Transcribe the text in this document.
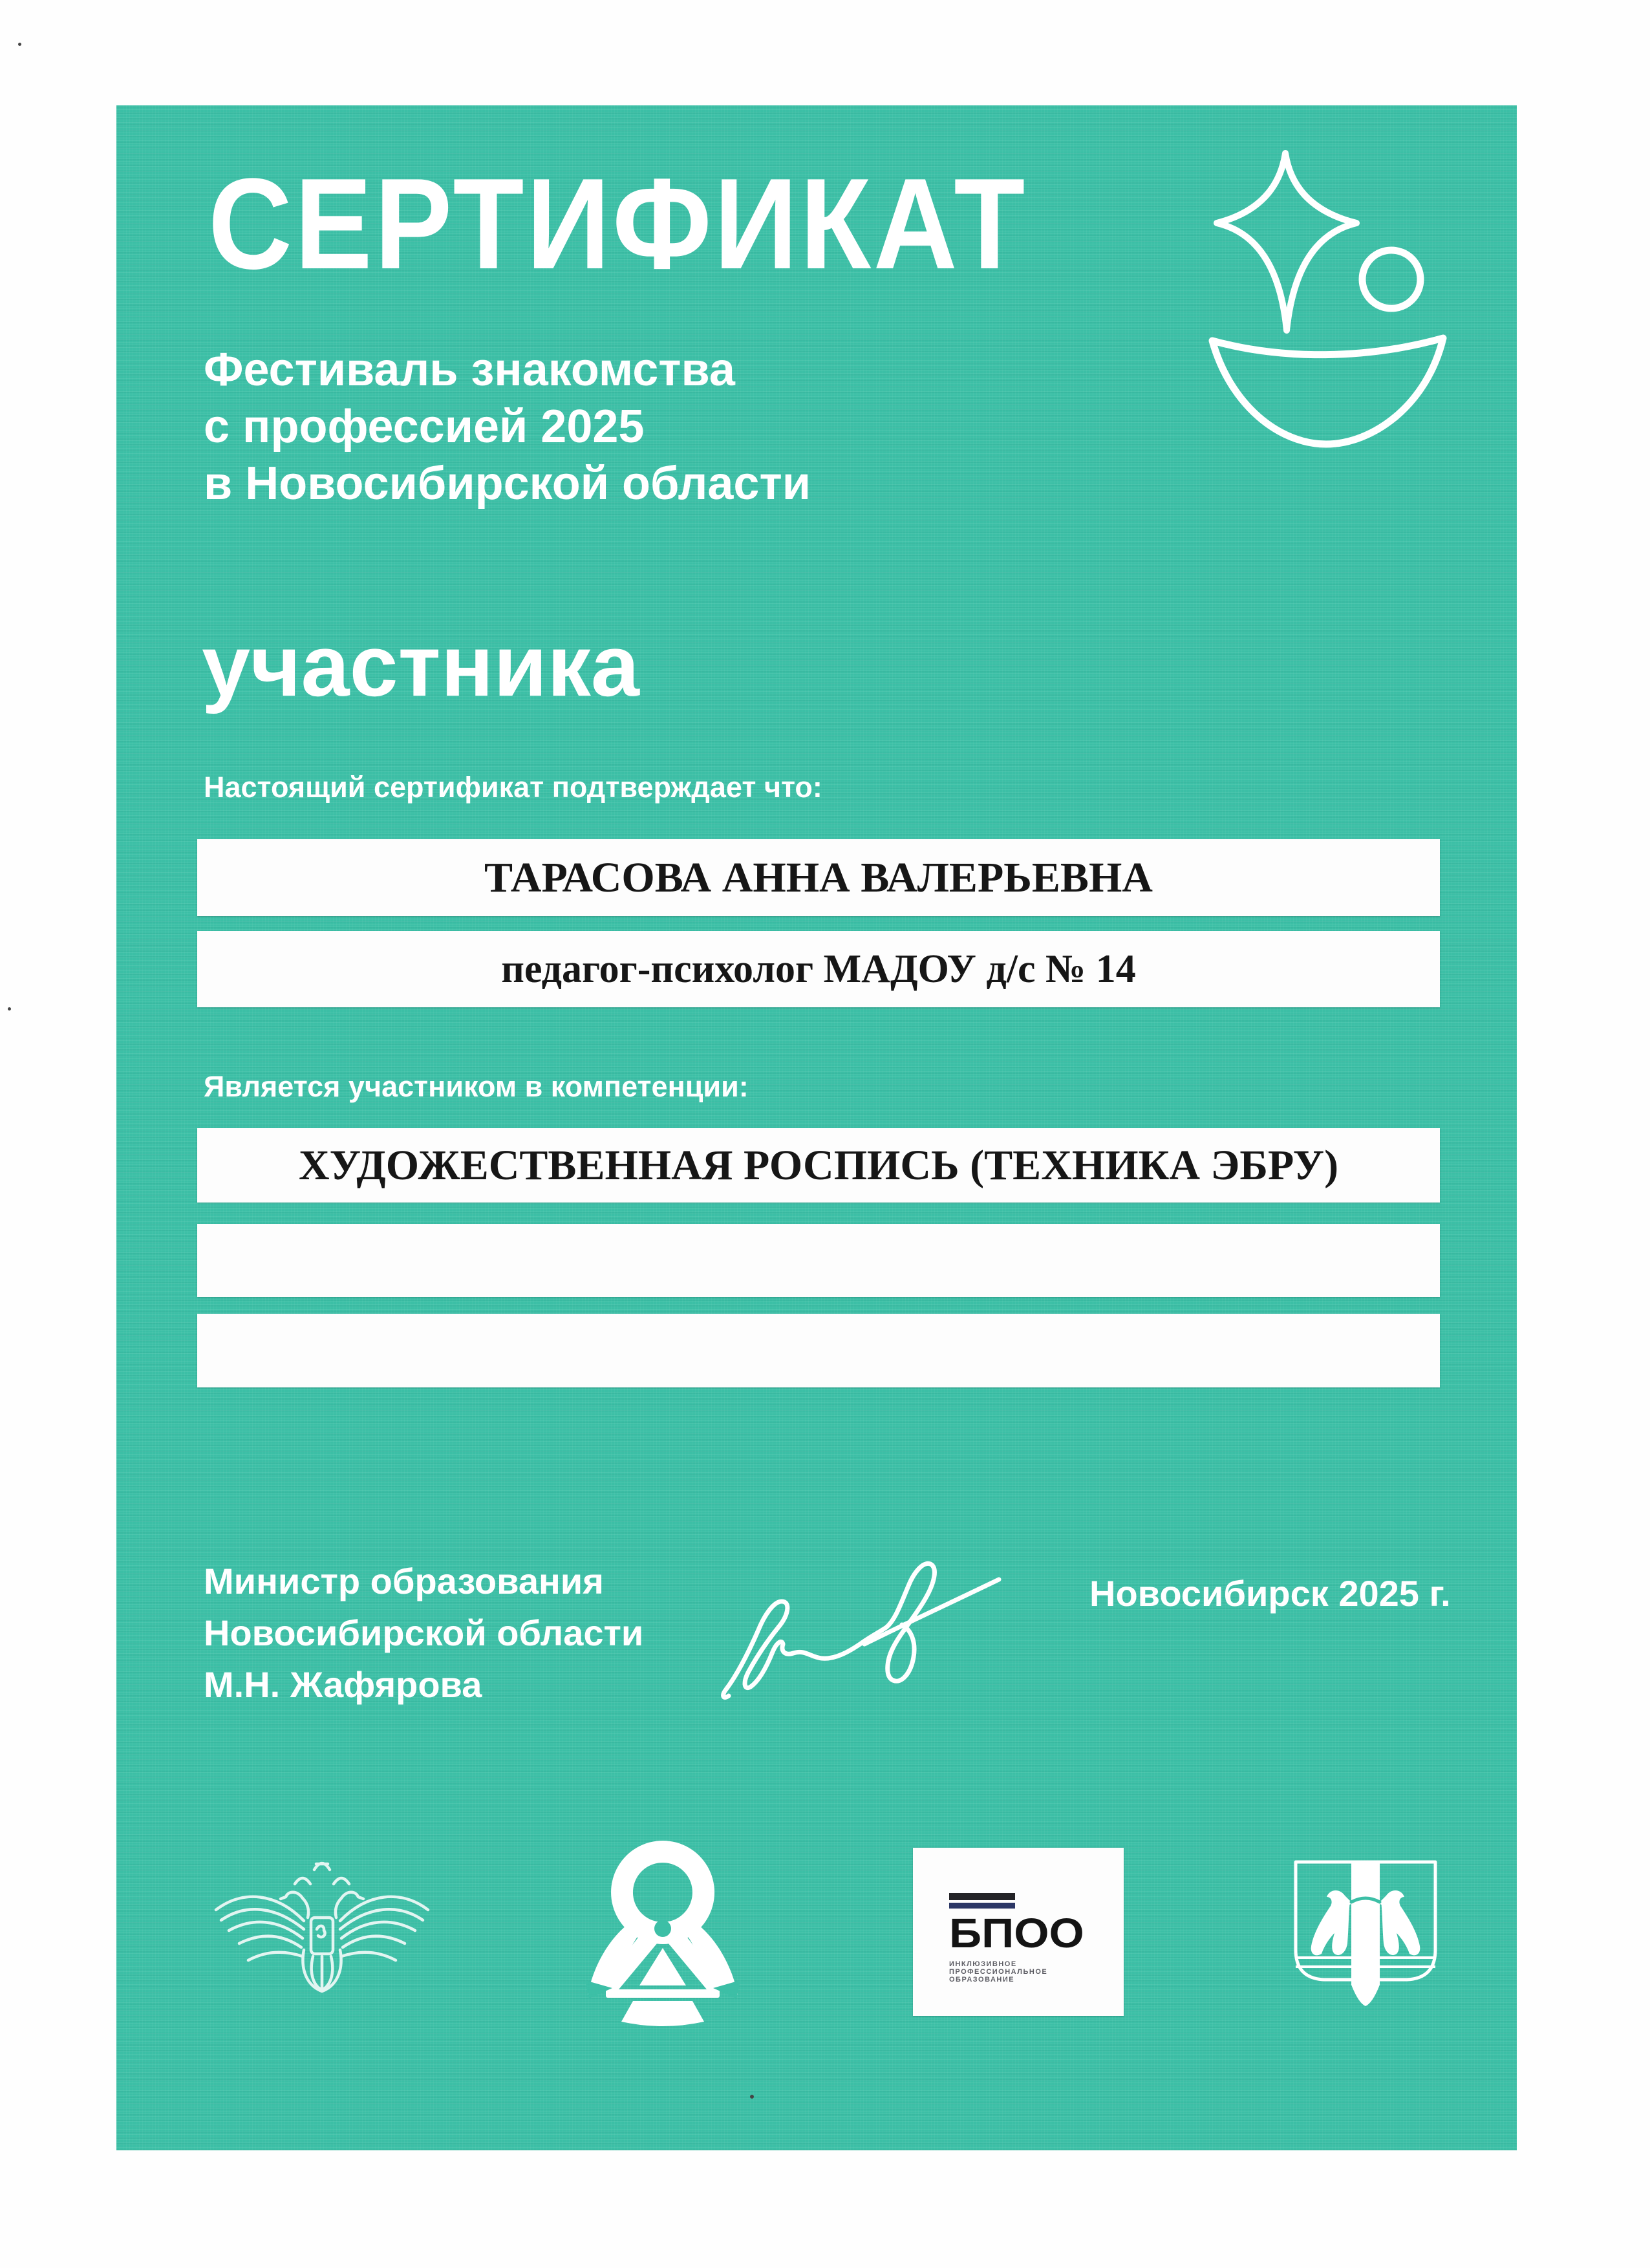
СЕРТИФИКАТ
Фестиваль знакомства
с профессией 2025
в Новосибирской области
участника
Настоящий сертификат подтверждает что:
ТАРАСОВА АННА ВАЛЕРЬЕВНА
педагог-психолог МАДОУ д/с № 14
Является участником в компетенции:
ХУДОЖЕСТВЕННАЯ РОСПИСЬ (ТЕХНИКА ЭБРУ)
Министр образования
Новосибирской области
М.Н. Жафярова
Новосибирск 2025 г.
БПОО
ИНКЛЮЗИВНОЕ
ПРОФЕССИОНАЛЬНОЕ
ОБРАЗОВАНИЕ
